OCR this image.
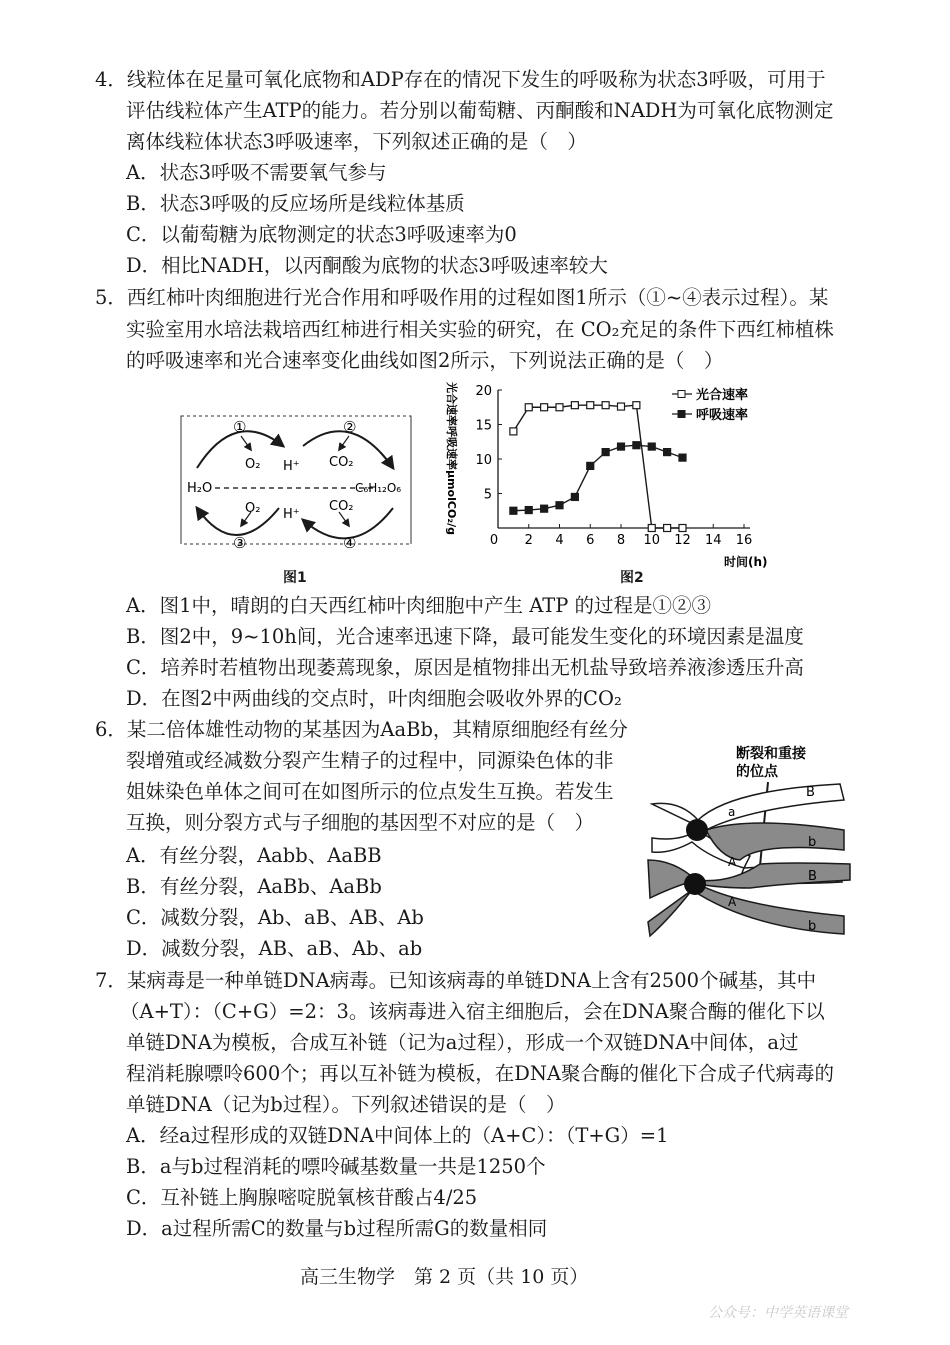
4．线粒体在足量可氧化底物和ADP存在的情况下发生的呼吸称为状态3呼吸，可用于
评估线粒体产生ATP的能力。若分别以葡萄糖、丙酮酸和NADH为可氧化底物测定
离体线粒体状态3呼吸速率，下列叙述正确的是（　）
A．状态3呼吸不需要氧气参与
B．状态3呼吸的反应场所是线粒体基质
C．以葡萄糖为底物测定的状态3呼吸速率为0
D．相比NADH，以丙酮酸为底物的状态3呼吸速率较大
5．西红柿叶肉细胞进行光合作用和呼吸作用的过程如图1所示（①~④表示过程）。某
实验室用水培法栽培西红柿进行相关实验的研究，在 CO₂充足的条件下西红柿植株
的呼吸速率和光合速率变化曲线如图2所示，下列说法正确的是（　）
①	②
③	④
O₂ H⁺ CO₂
O₂ H⁺
CO₂
H₂O	C₆H₁₂O₆
图1
2 4 6 8 10 12 14 16
0
5
10
15
20
光合速率呼吸速率μmolCO₂/g
时间(h)
光合速率
呼吸速率
图2
A．图1中，晴朗的白天西红柿叶肉细胞中产生 ATP 的过程是①②③
B．图2中，9~10h间，光合速率迅速下降，最可能发生变化的环境因素是温度
C．培养时若植物出现萎蔫现象，原因是植物排出无机盐导致培养液渗透压升高
D．在图2中两曲线的交点时，叶肉细胞会吸收外界的CO₂
6．某二倍体雄性动物的某基因为AaBb，其精原细胞经有丝分
裂增殖或经减数分裂产生精子的过程中，同源染色体的非
姐妹染色单体之间可在如图所示的位点发生互换。若发生
互换，则分裂方式与子细胞的基因型不对应的是（　）
A．有丝分裂，Aabb、AaBB
B．有丝分裂，AaBb、AaBb
C．减数分裂，Ab、aB、AB、Ab
D．减数分裂，AB、aB、Ab、ab
断裂和重接
的位点
B
a
b
A
B
A
b
7．某病毒是一种单链DNA病毒。已知该病毒的单链DNA上含有2500个碱基，其中
（A+T）：（C+G）=2：3。该病毒进入宿主细胞后，会在DNA聚合酶的催化下以
单链DNA为模板，合成互补链（记为a过程），形成一个双链DNA中间体，a过
程消耗腺嘌呤600个；再以互补链为模板，在DNA聚合酶的催化下合成子代病毒的
单链DNA（记为b过程）。下列叙述错误的是（　）
A．经a过程形成的双链DNA中间体上的（A+C）：（T+G）=1
B．a与b过程消耗的嘌呤碱基数量一共是1250个
C．互补链上胸腺嘧啶脱氧核苷酸占4/25
D．a过程所需C的数量与b过程所需G的数量相同
高三生物学　第 2 页（共 10 页）
公众号：中学英语课堂
